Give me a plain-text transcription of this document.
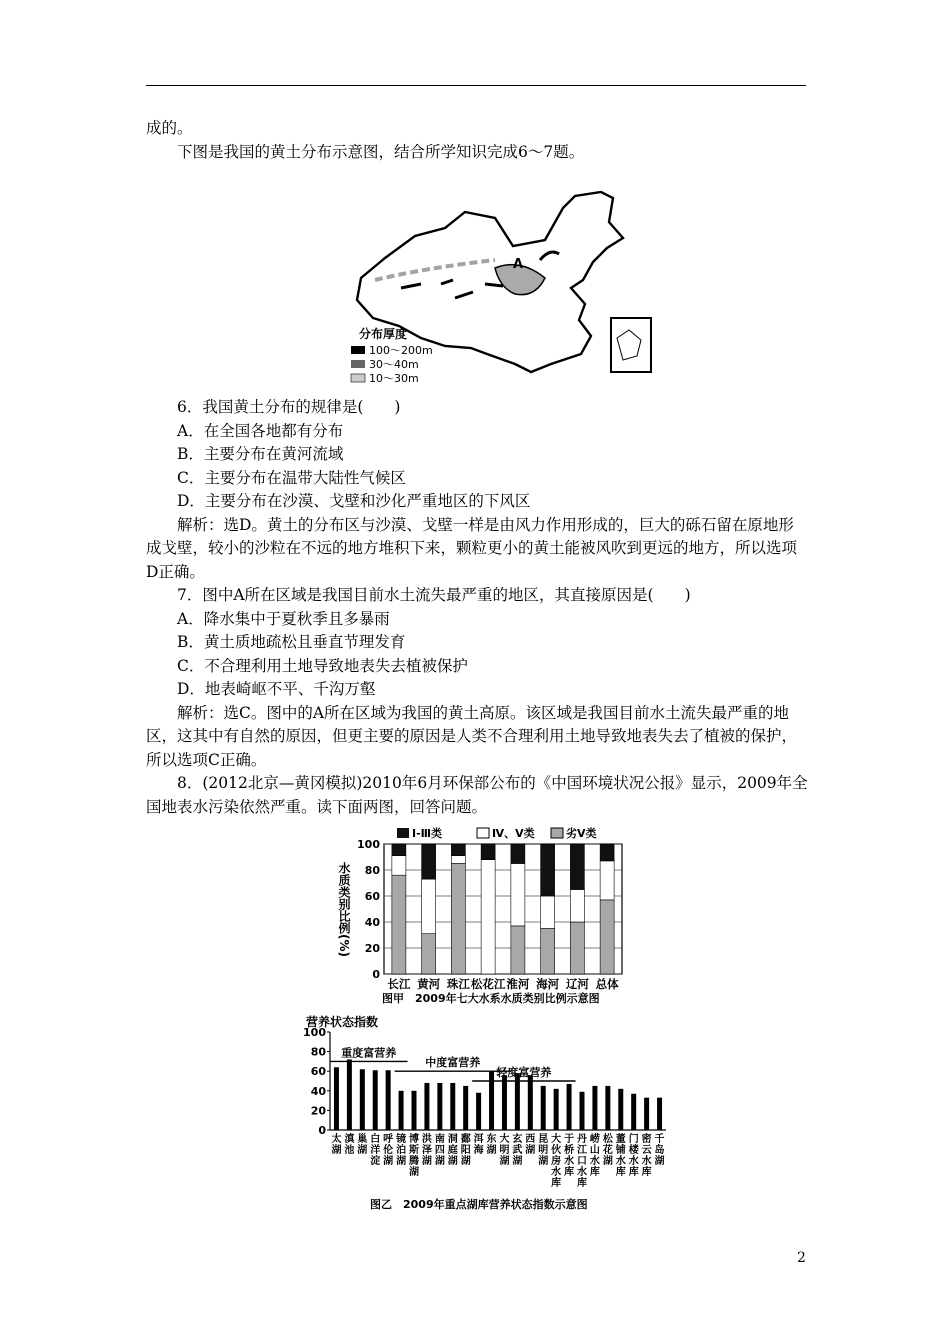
成的。

下图是我国的黄土分布示意图，结合所学知识完成6～7题。

A
分布厚度
100～200m
30～40m
10～30m

6．我国黄土分布的规律是(　　)

A．在全国各地都有分布

B．主要分布在黄河流域

C．主要分布在温带大陆性气候区

D．主要分布在沙漠、戈壁和沙化严重地区的下风区

解析：选D。黄土的分布区与沙漠、戈壁一样是由风力作用形成的，巨大的砾石留在原地形成戈壁，较小的沙粒在不远的地方堆积下来，颗粒更小的黄土能被风吹到更远的地方，所以选项D正确。

7．图中A所在区域是我国目前水土流失最严重的地区，其直接原因是(　　)

A．降水集中于夏秋季且多暴雨

B．黄土质地疏松且垂直节理发育

C．不合理利用土地导致地表失去植被保护

D．地表崎岖不平、千沟万壑

解析：选C。图中的A所在区域为我国的黄土高原。该区域是我国目前水土流失最严重的地区，这其中有自然的原因，但更主要的原因是人类不合理利用土地导致地表失去了植被的保护，所以选项C正确。

8．(2012北京—黄冈模拟)2010年6月环保部公布的《中国环境状况公报》显示，2009年全国地表水污染依然严重。读下面两图，回答问题。

Ⅰ-Ⅲ类	Ⅳ、Ⅴ类	劣Ⅴ类
水质类别比例(%)
0
20
40
60
80
100
长江 黄河 珠江 松花江 淮河 海河 辽河 总体
图甲　2009年七大水系水质类别比例示意图
营养状态指数
重度富营养
中度富营养
轻度富营养
0
20
40
60
80
100
太湖
滇池
巢湖
白洋淀
呼伦湖
镜泊湖
博斯腾湖
洪泽湖
南四湖
洞庭湖
鄱阳湖
洱海
东湖
大明湖
玄武湖
西湖
昆明湖
大伙房水库
于桥水库
丹江口水库
崂山水库
松花湖
董铺水库
门楼水库
密云水库
千岛湖
图乙　2009年重点湖库营养状态指数示意图
2
